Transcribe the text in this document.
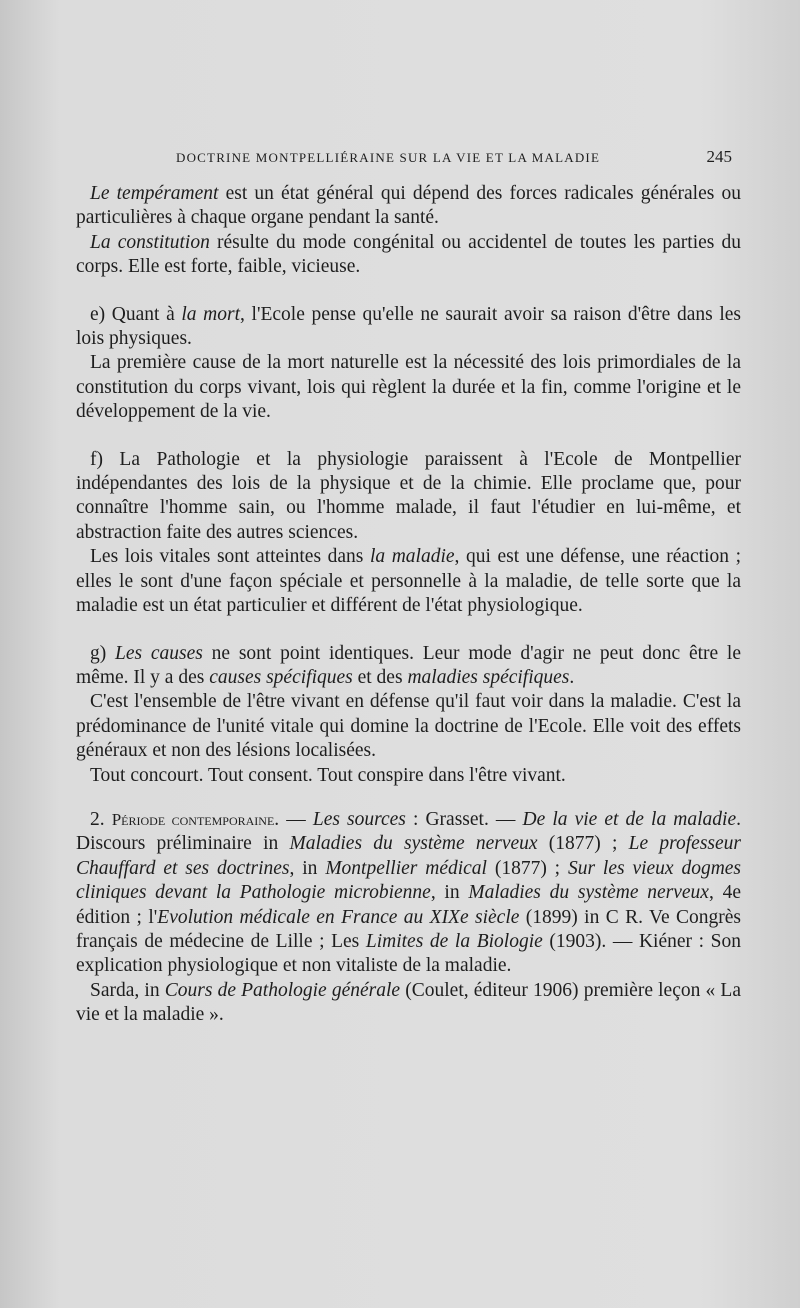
DOCTRINE MONTPELLIÉRAINE SUR LA VIE ET LA MALADIE	245

Le tempérament est un état général qui dépend des forces radicales générales ou particulières à chaque organe pendant la santé.

La constitution résulte du mode congénital ou accidentel de toutes les parties du corps. Elle est forte, faible, vicieuse.

e) Quant à la mort, l'Ecole pense qu'elle ne saurait avoir sa raison d'être dans les lois physiques.

La première cause de la mort naturelle est la nécessité des lois primordiales de la constitution du corps vivant, lois qui règlent la durée et la fin, comme l'origine et le développement de la vie.

f) La Pathologie et la physiologie paraissent à l'Ecole de Montpellier indépendantes des lois de la physique et de la chimie. Elle proclame que, pour connaître l'homme sain, ou l'homme malade, il faut l'étudier en lui-même, et abstraction faite des autres sciences.

Les lois vitales sont atteintes dans la maladie, qui est une défense, une réaction ; elles le sont d'une façon spéciale et personnelle à la maladie, de telle sorte que la maladie est un état particulier et différent de l'état physiologique.

g) Les causes ne sont point identiques. Leur mode d'agir ne peut donc être le même. Il y a des causes spécifiques et des maladies spécifiques.

C'est l'ensemble de l'être vivant en défense qu'il faut voir dans la maladie. C'est la prédominance de l'unité vitale qui domine la doctrine de l'Ecole. Elle voit des effets généraux et non des lésions localisées.

Tout concourt. Tout consent. Tout conspire dans l'être vivant.

2. Période contemporaine. — Les sources : Grasset. — De la vie et de la maladie. Discours préliminaire in Maladies du système nerveux (1877) ; Le professeur Chauffard et ses doctrines, in Montpellier médical (1877) ; Sur les vieux dogmes cliniques devant la Pathologie microbienne, in Maladies du système nerveux, 4e édition ; l'Evolution médicale en France au XIXe siècle (1899) in C R. Ve Congrès français de médecine de Lille ; Les Limites de la Biologie (1903). — Kiéner : Son explication physiologique et non vitaliste de la maladie.

Sarda, in Cours de Pathologie générale (Coulet, éditeur 1906) première leçon « La vie et la maladie ».
